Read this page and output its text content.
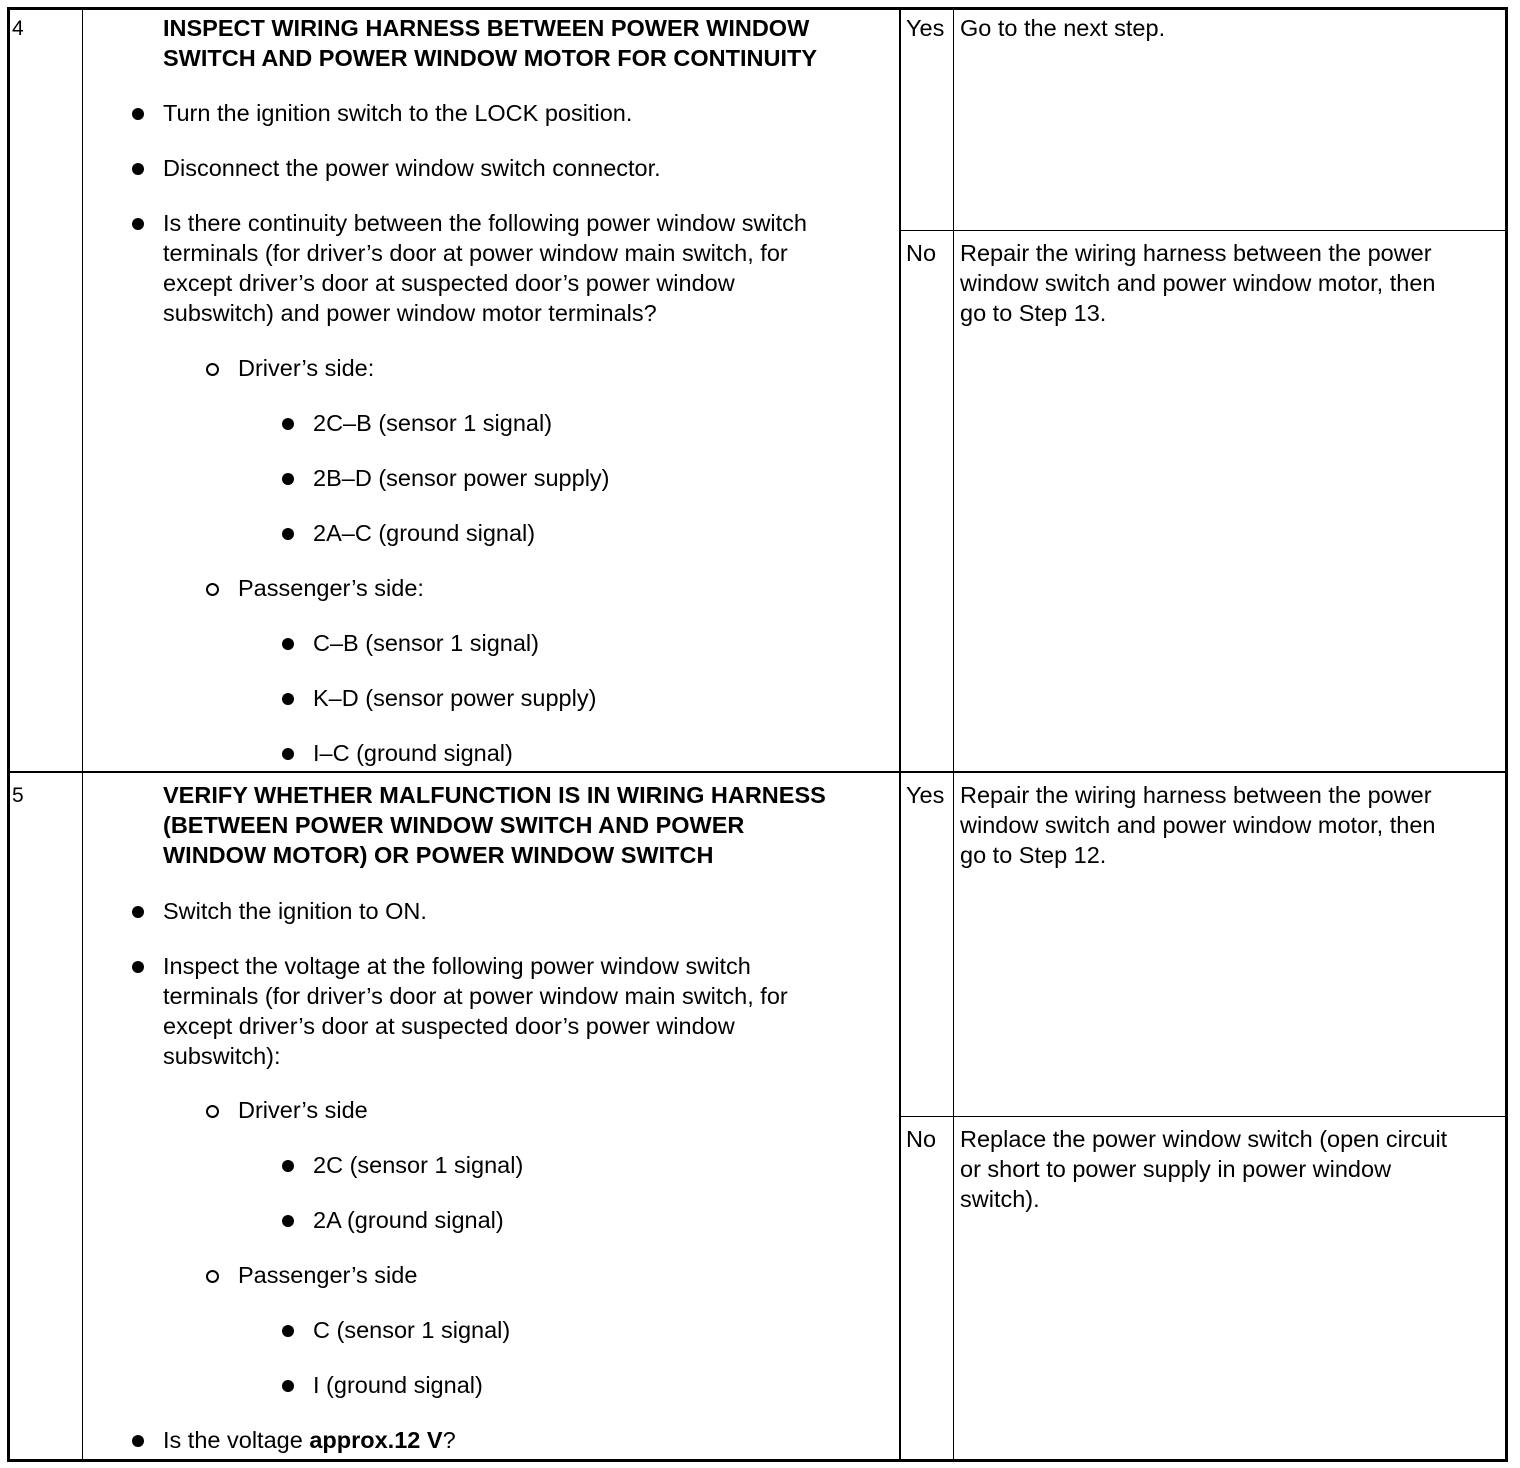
4	INSPECT WIRING HARNESS BETWEEN POWER WINDOW
SWITCH AND POWER WINDOW MOTOR FOR CONTINUITY
Turn the ignition switch to the LOCK position.
Disconnect the power window switch connector.
Is there continuity between the following power window switch
terminals (for driver’s door at power window main switch, for
except driver’s door at suspected door’s power window
subswitch) and power window motor terminals?
Driver’s side:
2C–B (sensor 1 signal)
2B–D (sensor power supply)
2A–C (ground signal)
Passenger’s side:
C–B (sensor 1 signal)
K–D (sensor power supply)
I–C (ground signal)
Yes Go to the next step.
No Repair the wiring harness between the power
window switch and power window motor, then
go to Step 13.
5	VERIFY WHETHER MALFUNCTION IS IN WIRING HARNESS
(BETWEEN POWER WINDOW SWITCH AND POWER
WINDOW MOTOR) OR POWER WINDOW SWITCH
Switch the ignition to ON.
Inspect the voltage at the following power window switch
terminals (for driver’s door at power window main switch, for
except driver’s door at suspected door’s power window
subswitch):
Driver’s side
2C (sensor 1 signal)
2A (ground signal)
Passenger’s side
C (sensor 1 signal)
I (ground signal)
Is the voltage approx.12 V?
Yes Repair the wiring harness between the power
window switch and power window motor, then
go to Step 12.
No Replace the power window switch (open circuit
or short to power supply in power window
switch).
